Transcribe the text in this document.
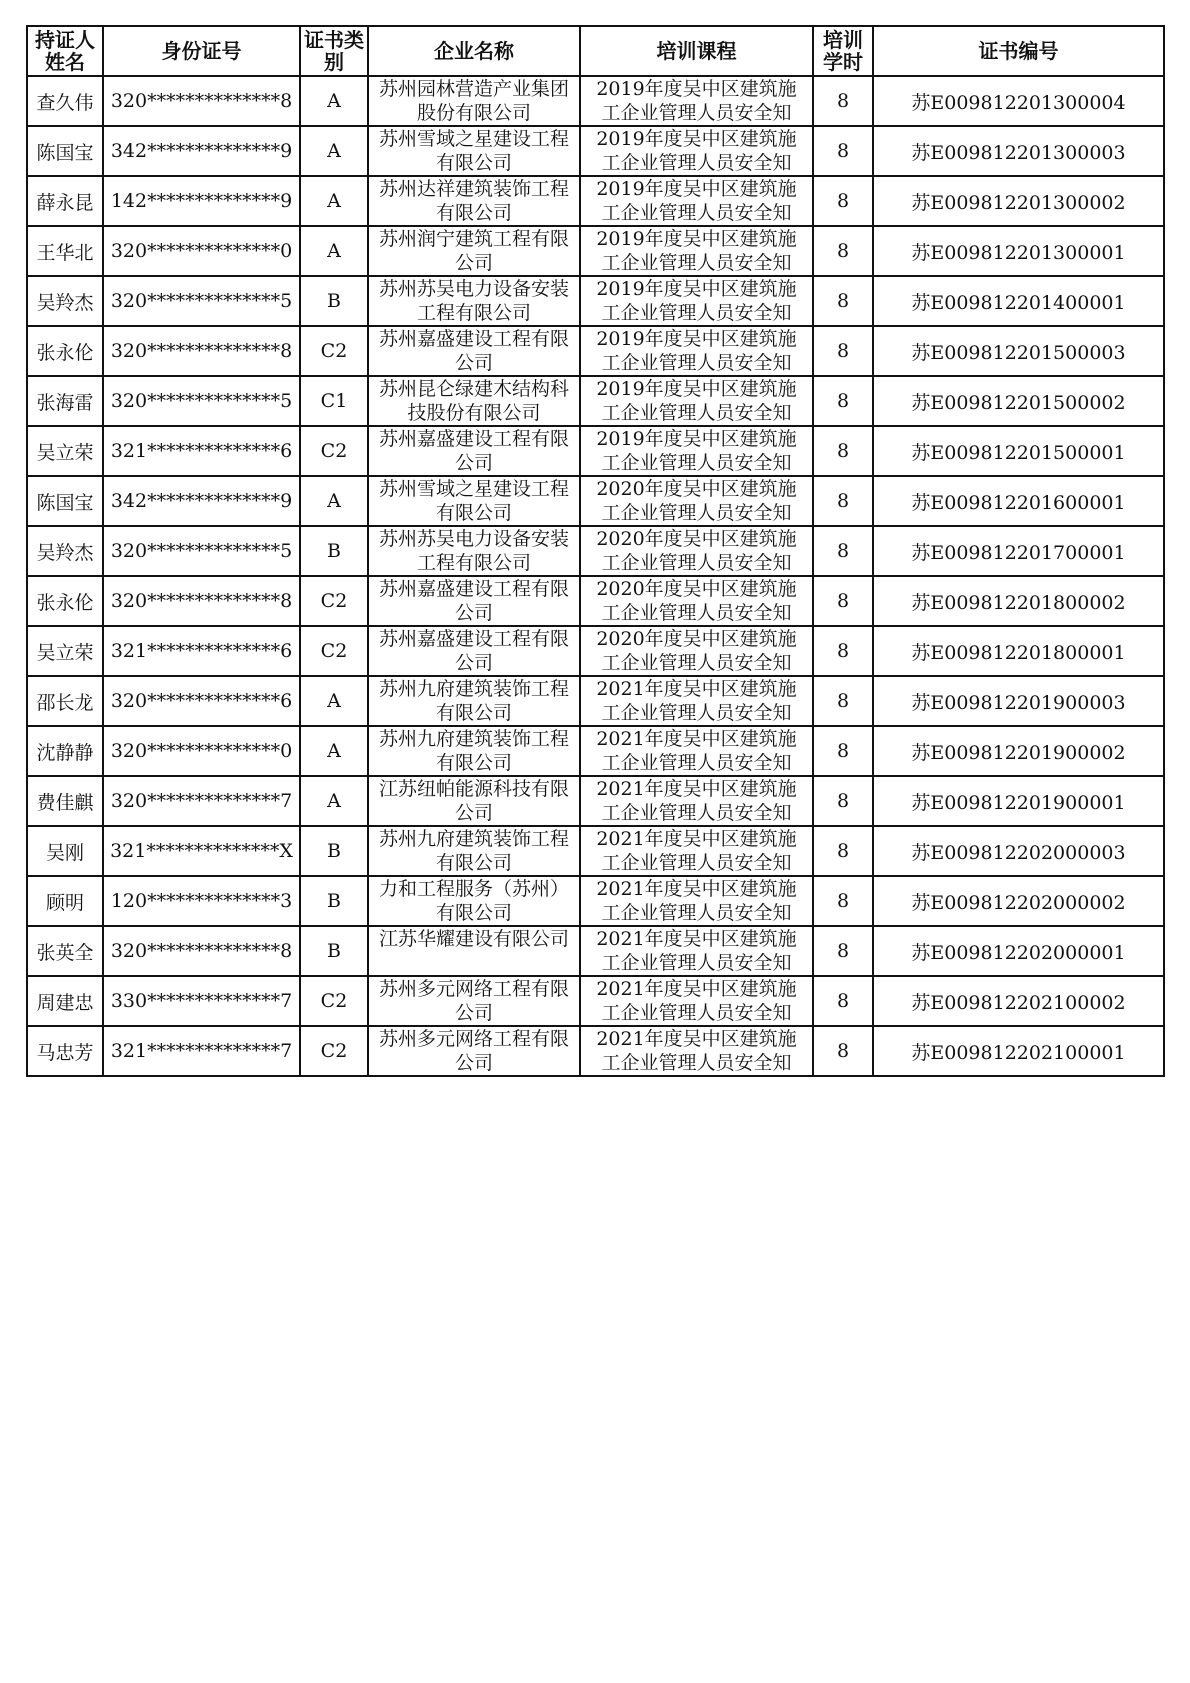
持证人姓名	身份证号	证书类别	企业名称	培训课程	培训学时	证书编号
查久伟	320**************8	A	苏州园林营造产业集团股份有限公司	2019年度吴中区建筑施工企业管理人员安全知	8	苏E009812201300004
陈国宝	342**************9	A	苏州雪域之星建设工程有限公司	2019年度吴中区建筑施工企业管理人员安全知	8	苏E009812201300003
薛永昆	142**************9	A	苏州达祥建筑装饰工程有限公司	2019年度吴中区建筑施工企业管理人员安全知	8	苏E009812201300002
王华北	320**************0	A	苏州润宁建筑工程有限公司	2019年度吴中区建筑施工企业管理人员安全知	8	苏E009812201300001
吴羚杰	320**************5	B	苏州苏吴电力设备安装工程有限公司	2019年度吴中区建筑施工企业管理人员安全知	8	苏E009812201400001
张永伦	320**************8	C2	苏州嘉盛建设工程有限公司	2019年度吴中区建筑施工企业管理人员安全知	8	苏E009812201500003
张海雷	320**************5	C1	苏州昆仑绿建木结构科技股份有限公司	2019年度吴中区建筑施工企业管理人员安全知	8	苏E009812201500002
吴立荣	321**************6	C2	苏州嘉盛建设工程有限公司	2019年度吴中区建筑施工企业管理人员安全知	8	苏E009812201500001
陈国宝	342**************9	A	苏州雪域之星建设工程有限公司	2020年度吴中区建筑施工企业管理人员安全知	8	苏E009812201600001
吴羚杰	320**************5	B	苏州苏吴电力设备安装工程有限公司	2020年度吴中区建筑施工企业管理人员安全知	8	苏E009812201700001
张永伦	320**************8	C2	苏州嘉盛建设工程有限公司	2020年度吴中区建筑施工企业管理人员安全知	8	苏E009812201800002
吴立荣	321**************6	C2	苏州嘉盛建设工程有限公司	2020年度吴中区建筑施工企业管理人员安全知	8	苏E009812201800001
邵长龙	320**************6	A	苏州九府建筑装饰工程有限公司	2021年度吴中区建筑施工企业管理人员安全知	8	苏E009812201900003
沈静静	320**************0	A	苏州九府建筑装饰工程有限公司	2021年度吴中区建筑施工企业管理人员安全知	8	苏E009812201900002
费佳麒	320**************7	A	江苏纽帕能源科技有限公司	2021年度吴中区建筑施工企业管理人员安全知	8	苏E009812201900001
吴刚	321**************X	B	苏州九府建筑装饰工程有限公司	2021年度吴中区建筑施工企业管理人员安全知	8	苏E009812202000003
顾明	120**************3	B	力和工程服务（苏州）有限公司	2021年度吴中区建筑施工企业管理人员安全知	8	苏E009812202000002
张英全	320**************8	B	江苏华耀建设有限公司	2021年度吴中区建筑施工企业管理人员安全知	8	苏E009812202000001
周建忠	330**************7	C2	苏州多元网络工程有限公司	2021年度吴中区建筑施工企业管理人员安全知	8	苏E009812202100002
马忠芳	321**************7	C2	苏州多元网络工程有限公司	2021年度吴中区建筑施工企业管理人员安全知	8	苏E009812202100001
